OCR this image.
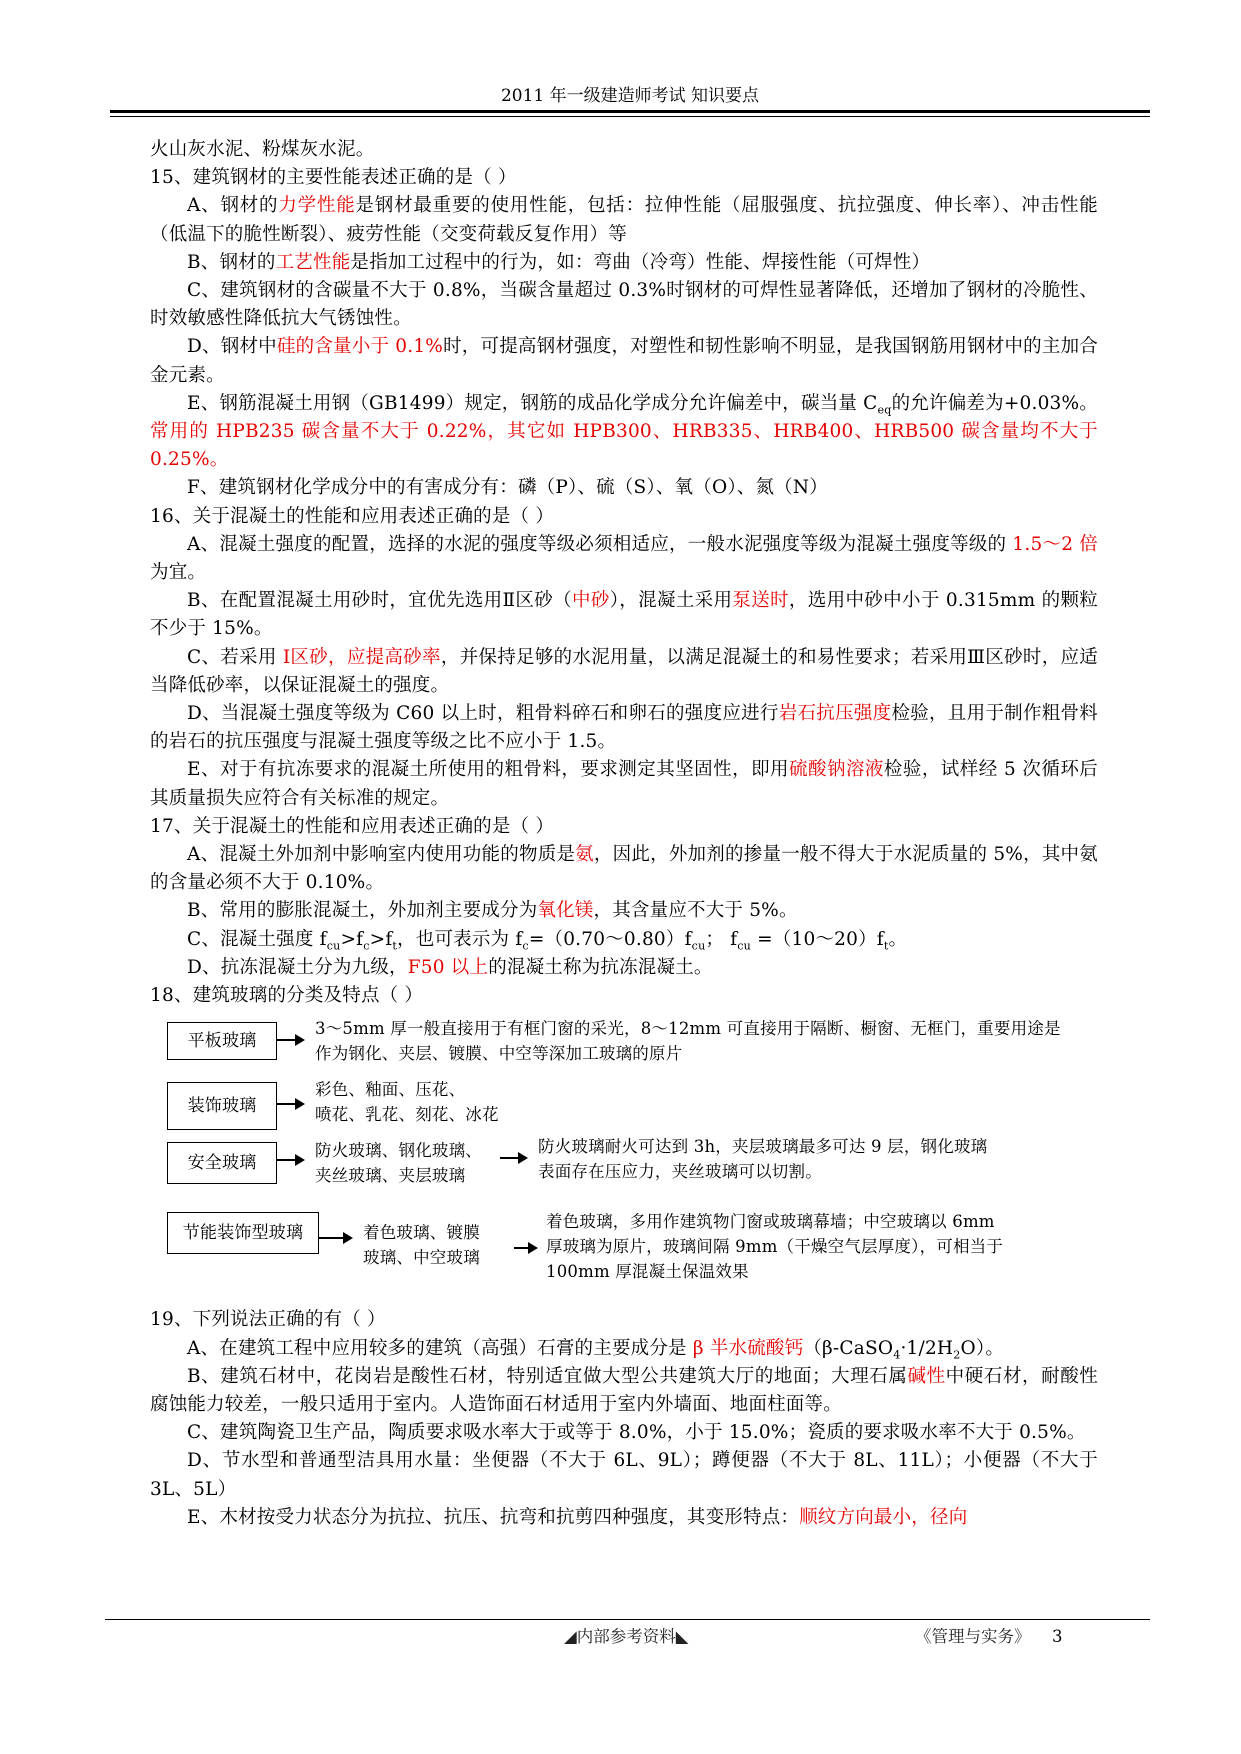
2011 年一级建造师考试 知识要点

火山灰水泥、粉煤灰水泥。

15、建筑钢材的主要性能表述正确的是（ ）

A、钢材的力学性能是钢材最重要的使用性能，包括：拉伸性能（屈服强度、抗拉强度、伸长率）、冲击性能（低温下的脆性断裂）、疲劳性能（交变荷载反复作用）等

B、钢材的工艺性能是指加工过程中的行为，如：弯曲（冷弯）性能、焊接性能（可焊性）

C、建筑钢材的含碳量不大于 0.8%，当碳含量超过 0.3%时钢材的可焊性显著降低，还增加了钢材的冷脆性、时效敏感性降低抗大气锈蚀性。

D、钢材中硅的含量小于 0.1%时，可提高钢材强度，对塑性和韧性影响不明显，是我国钢筋用钢材中的主加合金元素。

E、钢筋混凝土用钢（GB1499）规定，钢筋的成品化学成分允许偏差中，碳当量 $C_{eq}$的允许偏差为+0.03%。常用的 HPB235 碳含量不大于 0.22%，其它如 HPB300、HRB335、HRB400、HRB500 碳含量均不大于 0.25%。

F、建筑钢材化学成分中的有害成分有：磷（P）、硫（S）、氧（O）、氮（N）

16、关于混凝土的性能和应用表述正确的是（ ）

A、混凝土强度的配置，选择的水泥的强度等级必须相适应，一般水泥强度等级为混凝土强度等级的 1.5～2 倍为宜。

B、在配置混凝土用砂时，宜优先选用Ⅱ区砂（中砂），混凝土采用泵送时，选用中砂中小于 0.315mm 的颗粒不少于 15%。

C、若采用 Ⅰ区砂，应提高砂率，并保持足够的水泥用量，以满足混凝土的和易性要求；若采用Ⅲ区砂时，应适当降低砂率，以保证混凝土的强度。

D、当混凝土强度等级为 C60 以上时，粗骨料碎石和卵石的强度应进行岩石抗压强度检验，且用于制作粗骨料的岩石的抗压强度与混凝土强度等级之比不应小于 1.5。

E、对于有抗冻要求的混凝土所使用的粗骨料，要求测定其坚固性，即用硫酸钠溶液检验，试样经 5 次循环后其质量损失应符合有关标准的规定。

17、关于混凝土的性能和应用表述正确的是（ ）

A、混凝土外加剂中影响室内使用功能的物质是氨，因此，外加剂的掺量一般不得大于水泥质量的 5%，其中氨的含量必须不大于 0.10%。

B、常用的膨胀混凝土，外加剂主要成分为氧化镁，其含量应不大于 5%。

C、混凝土强度 $f_{cu}>f_c>f_t$，也可表示为 $f_c=(0.70\sim 0.80)f_{cu}$； $f_{cu}$ $=(10\sim 20)f_t$。

D、抗冻混凝土分为九级，F50 以上的混凝土称为抗冻混凝土。

18、建筑玻璃的分类及特点（ ）

平板玻璃
3～5mm 厚一般直接用于有框门窗的采光，8～12mm 可直接用于隔断、橱窗、无框门，重要用途是作为钢化、夹层、镀膜、中空等深加工玻璃的原片
装饰玻璃
彩色、釉面、压花、
喷花、乳花、刻花、冰花
安全玻璃
防火玻璃、钢化玻璃、
夹丝玻璃、夹层玻璃
防火玻璃耐火可达到 3h，夹层玻璃最多可达 9 层，钢化玻璃表面存在压应力，夹丝玻璃可以切割。
节能装饰型玻璃	着色玻璃、镀膜
玻璃、中空玻璃
着色玻璃，多用作建筑物门窗或玻璃幕墙；中空玻璃以 6mm 厚玻璃为原片，玻璃间隔 9mm（干燥空气层厚度），可相当于 100mm 厚混凝土保温效果

19、下列说法正确的有（ ）

A、在建筑工程中应用较多的建筑（高强）石膏的主要成分是 β 半水硫酸钙$(\beta-CaSO_4\cdot 1/2H_2O)$。

B、建筑石材中，花岗岩是酸性石材，特别适宜做大型公共建筑大厅的地面；大理石属碱性中硬石材，耐酸性腐蚀能力较差，一般只适用于室内。人造饰面石材适用于室内外墙面、地面柱面等。

C、建筑陶瓷卫生产品，陶质要求吸水率大于或等于 8.0%，小于 15.0%；瓷质的要求吸水率不大于 0.5%。

D、节水型和普通型洁具用水量：坐便器（不大于 6L、9L）；蹲便器（不大于 8L、11L）；小便器（不大于 3L、5L）

E、木材按受力状态分为抗拉、抗压、抗弯和抗剪四种强度，其变形特点：顺纹方向最小，径向

◢内部参考资料◣	《管理与实务》 3
